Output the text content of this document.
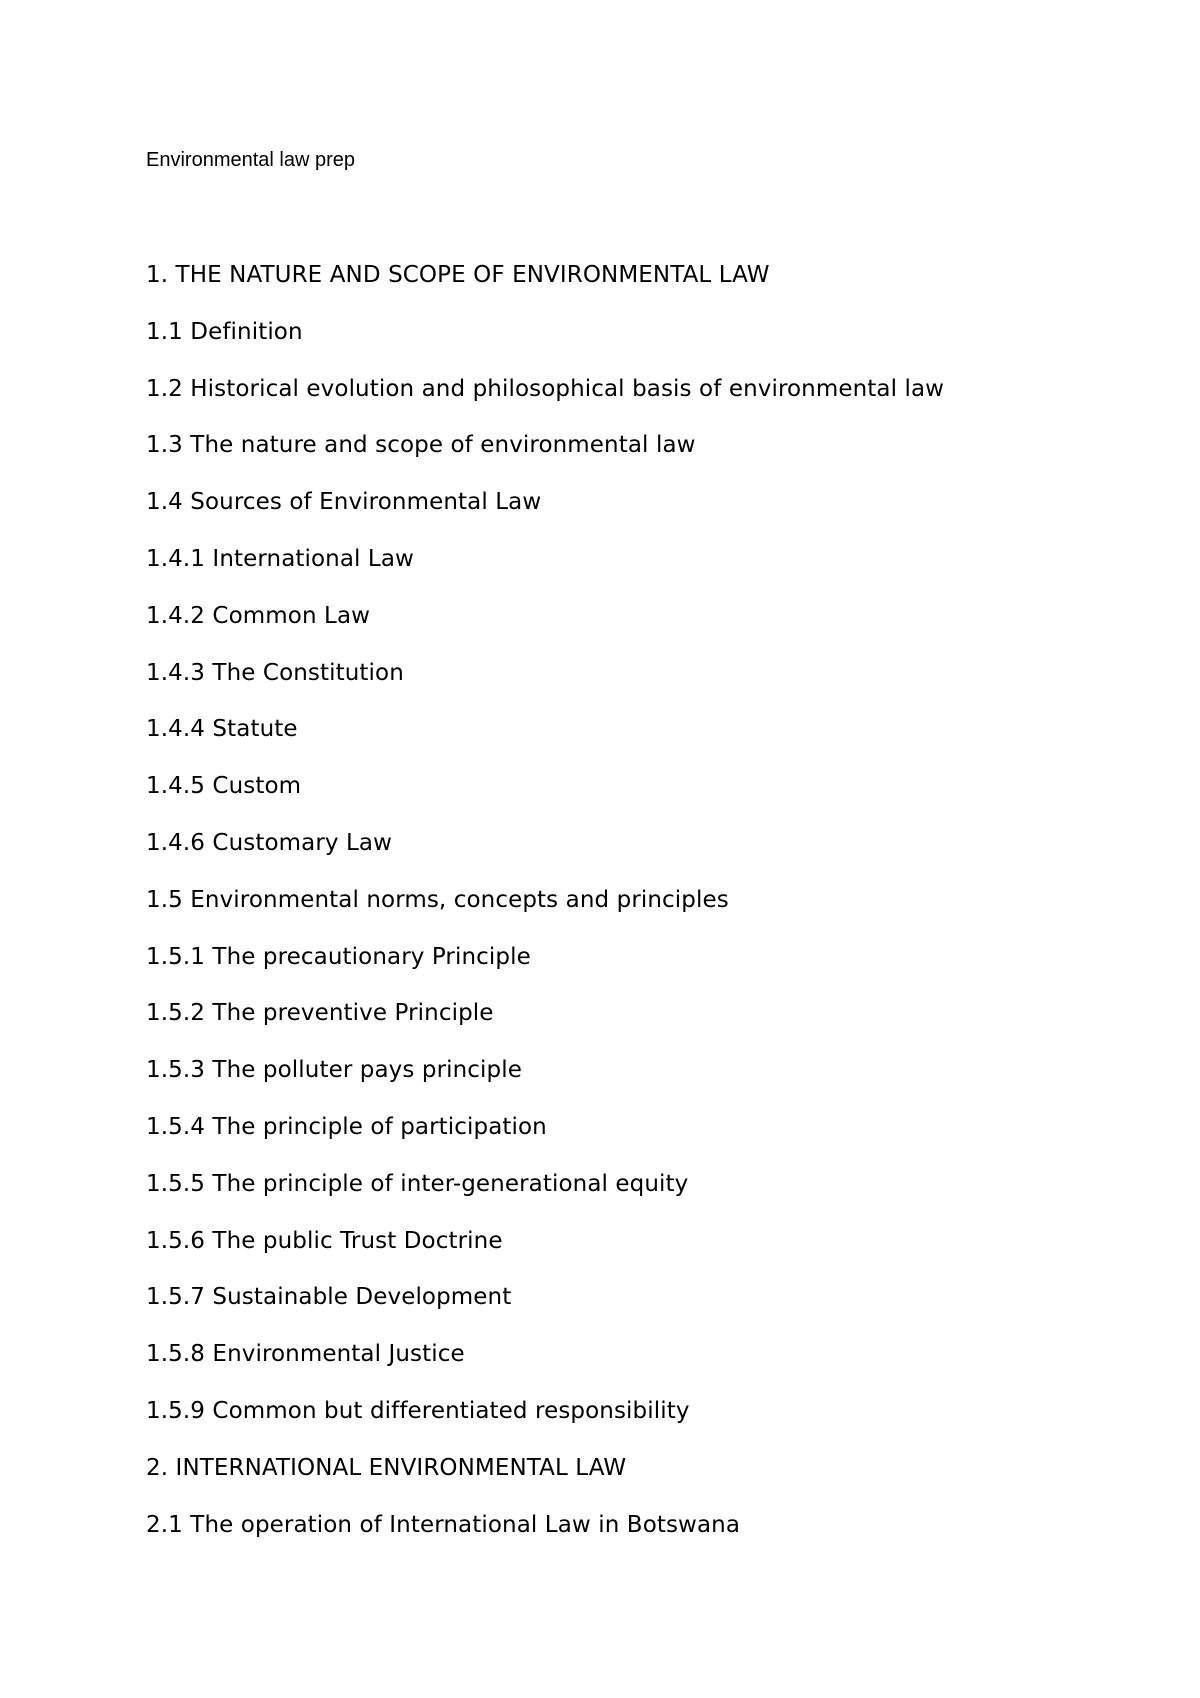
Environmental law prep
1. THE NATURE AND SCOPE OF ENVIRONMENTAL LAW
1.1 Definition
1.2 Historical evolution and philosophical basis of environmental law
1.3 The nature and scope of environmental law
1.4 Sources of Environmental Law
1.4.1 International Law
1.4.2 Common Law
1.4.3 The Constitution
1.4.4 Statute
1.4.5 Custom
1.4.6 Customary Law
1.5 Environmental norms, concepts and principles
1.5.1 The precautionary Principle
1.5.2 The preventive Principle
1.5.3 The polluter pays principle
1.5.4 The principle of participation
1.5.5 The principle of inter-generational equity
1.5.6 The public Trust Doctrine
1.5.7 Sustainable Development
1.5.8 Environmental Justice
1.5.9 Common but differentiated responsibility
2. INTERNATIONAL ENVIRONMENTAL LAW
2.1 The operation of International Law in Botswana
